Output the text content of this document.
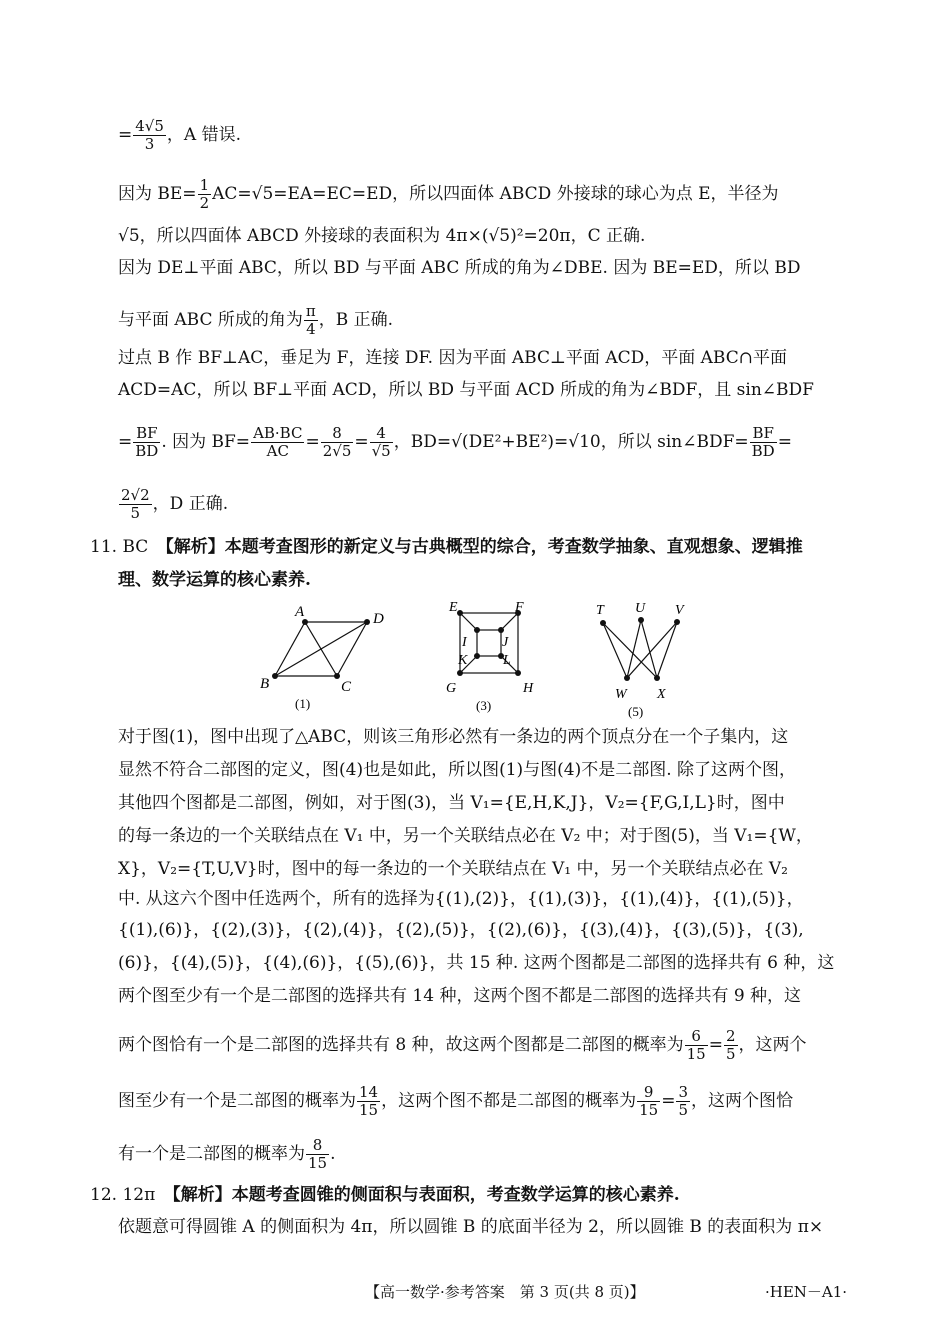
= $\frac{4√5}{3}$ ，A 错误.
因为 $BE= \frac{1}{2} AC=√5=EA=EC=ED$，所以四面体 ABCD 外接球的球心为点 E，半径为
√5，所以四面体 ABCD 外接球的表面积为 4π×(√5)²=20π，C 正确.
因为 DE⊥平面 ABC，所以 BD 与平面 ABC 所成的角为∠DBE. 因为 BE=ED，所以 BD
与平面 ABC 所成的角为 $\frac{\pi}{4}$ ，B 正确.
过点 B 作 BF⊥AC，垂足为 F，连接 DF. 因为平面 ABC⊥平面 ACD，平面 ABC∩平面
ACD=AC，所以 BF⊥平面 ACD，所以 BD 与平面 ACD 所成的角为∠BDF，且 sin∠BDF
= $\frac{BF}{BD}$ . 因为 $BF= \frac{AB\cdot BC}{AC} = \frac{8}{2√5} = \frac{4}{√5}$ ，BD=√(DE²+BE²)=√10，所以 sin∠BDF= $\frac{BF}{BD}$ =
$\frac{2√2}{5}$ ，D 正确.
11. BC　 【解析】本题考查图形的新定义与古典概型的综合，考查数学抽象、直观想象、逻辑推
理、数学运算的核心素养.
A	D
B	C
(1)
E	F
I	J
K	L
G	H
(3)
T U V
W X
(5)
对于图(1)，图中出现了△ABC，则该三角形必然有一条边的两个顶点分在一个子集内，这
显然不符合二部图的定义，图(4)也是如此，所以图(1)与图(4)不是二部图. 除了这两个图，
其他四个图都是二部图，例如，对于图(3)，当 V₁={E,H,K,J}，V₂={F,G,I,L}时，图中
的每一条边的一个关联结点在 V₁ 中，另一个关联结点必在 V₂ 中；对于图(5)，当 V₁={W，
X}，V₂={T,U,V}时，图中的每一条边的一个关联结点在 V₁ 中，另一个关联结点必在 V₂
中. 从这六个图中任选两个，所有的选择为{(1),(2)}，{(1),(3)}，{(1),(4)}，{(1),(5)}，
{(1),(6)}，{(2),(3)}，{(2),(4)}，{(2),(5)}，{(2),(6)}，{(3),(4)}，{(3),(5)}，{(3),
(6)}，{(4),(5)}，{(4),(6)}，{(5),(6)}，共 15 种. 这两个图都是二部图的选择共有 6 种，这
两个图至少有一个是二部图的选择共有 14 种，这两个图不都是二部图的选择共有 9 种，这
两个图恰有一个是二部图的选择共有 8 种，故这两个图都是二部图的概率为 $\frac{6}{15} = \frac{2}{5}$ ，这两个
图至少有一个是二部图的概率为 $\frac{14}{15}$ ，这两个图不都是二部图的概率为 $\frac{9}{15} = \frac{3}{5}$ ，这两个图恰
有一个是二部图的概率为 $\frac{8}{15}$ .
12. 12π　 【解析】本题考查圆锥的侧面积与表面积，考查数学运算的核心素养.
依题意可得圆锥 A 的侧面积为 4π，所以圆锥 B 的底面半径为 2，所以圆锥 B 的表面积为 π×
【高一数学·参考答案　第 3 页(共 8 页)】	·HEN－A1·
